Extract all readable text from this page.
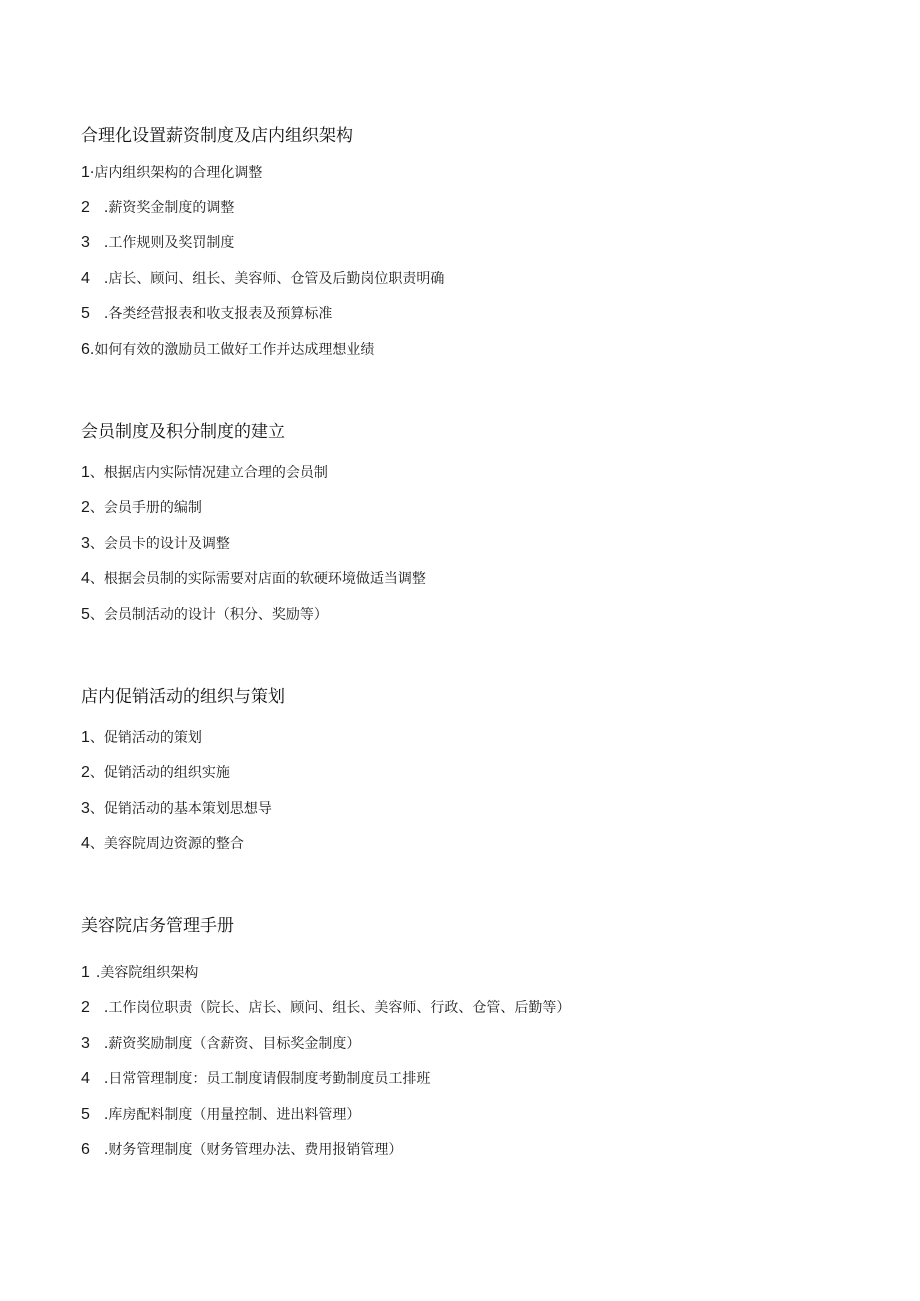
合理化设置薪资制度及店内组织架构
1·店内组织架构的合理化调整
2 .薪资奖金制度的调整
3 .工作规则及奖罚制度
4 .店长、顾问、组长、美容师、仓管及后勤岗位职责明确
5 .各类经营报表和收支报表及预算标准
6.如何有效的激励员工做好工作并达成理想业绩
会员制度及积分制度的建立
1、根据店内实际情况建立合理的会员制
2、会员手册的编制
3、会员卡的设计及调整
4、根据会员制的实际需要对店面的软硬环境做适当调整
5、会员制活动的设计（积分、奖励等）
店内促销活动的组织与策划
1、促销活动的策划
2、促销活动的组织实施
3、促销活动的基本策划思想导
4、美容院周边资源的整合
美容院店务管理手册
1 .美容院组织架构
2 .工作岗位职责（院长、店长、顾问、组长、美容师、行政、仓管、后勤等）
3 .薪资奖励制度（含薪资、目标奖金制度）
4 .日常管理制度：员工制度请假制度考勤制度员工排班
5 .库房配料制度（用量控制、进出料管理）
6 .财务管理制度（财务管理办法、费用报销管理）
